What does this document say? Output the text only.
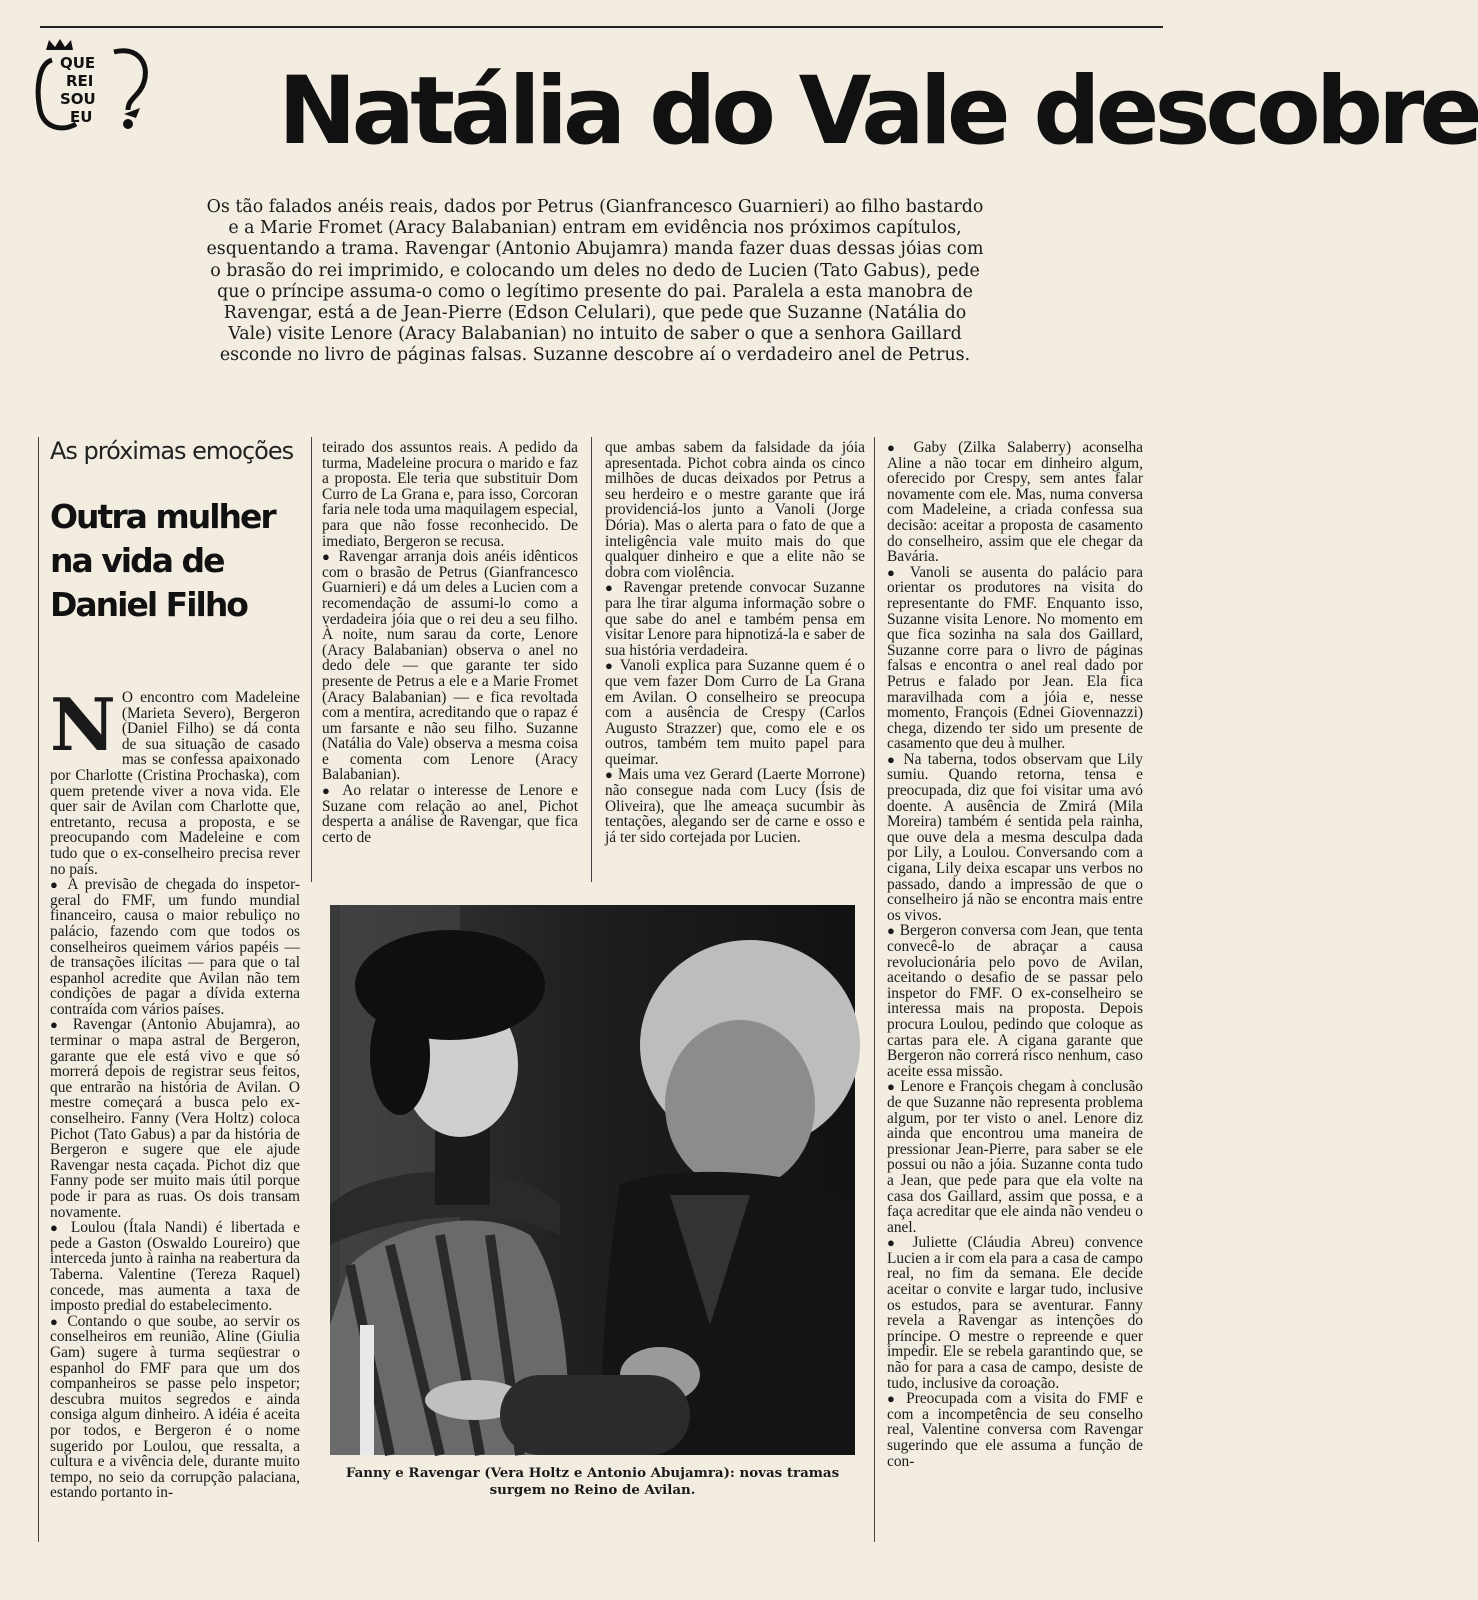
QUE
REI
SOU
EU Natália do Vale descobre

Os tão falados anéis reais, dados por Petrus (Gianfrancesco Guarnieri) ao filho bastardo e a Marie Fromet (Aracy Balabanian) entram em evidência nos próximos capítulos, esquentando a trama. Ravengar (Antonio Abujamra) manda fazer duas dessas jóias com o brasão do rei imprimido, e colocando um deles no dedo de Lucien (Tato Gabus), pede que o príncipe assuma-o como o legítimo presente do pai. Paralela a esta manobra de Ravengar, está a de Jean-Pierre (Edson Celulari), que pede que Suzanne (Natália do Vale) visite Lenore (Aracy Balabanian) no intuito de saber o que a senhora Gaillard esconde no livro de páginas falsas. Suzanne descobre aí o verdadeiro anel de Petrus.

As próximas emoções
Outra mulher
na vida de
Daniel Filho

N O encontro com Madeleine (Marieta Severo), Bergeron (Daniel Filho) se dá conta de sua situação de casado mas se confessa apaixonado por Charlotte (Cristina Prochaska), com quem pretende viver a nova vida. Ele quer sair de Avilan com Charlotte que, entretanto, recusa a proposta, e se preocupando com Madeleine e com tudo que o ex-conselheiro precisa rever no país.

● A previsão de chegada do inspetor-geral do FMF, um fundo mundial financeiro, causa o maior rebuliço no palácio, fazendo com que todos os conselheiros queimem vários papéis — de transações ilícitas — para que o tal espanhol acredite que Avilan não tem condições de pagar a dívida externa contraída com vários países.

● Ravengar (Antonio Abujamra), ao terminar o mapa astral de Bergeron, garante que ele está vivo e que só morrerá depois de registrar seus feitos, que entrarão na história de Avilan. O mestre começará a busca pelo ex-conselheiro. Fanny (Vera Holtz) coloca Pichot (Tato Gabus) a par da história de Bergeron e sugere que ele ajude Ravengar nesta caçada. Pichot diz que Fanny pode ser muito mais útil porque pode ir para as ruas. Os dois transam novamente.

● Loulou (Ítala Nandi) é libertada e pede a Gaston (Oswaldo Loureiro) que interceda junto à rainha na reabertura da Taberna. Valentine (Tereza Raquel) concede, mas aumenta a taxa de imposto predial do estabelecimento.

● Contando o que soube, ao servir os conselheiros em reunião, Aline (Giulia Gam) sugere à turma seqüestrar o espanhol do FMF para que um dos companheiros se passe pelo inspetor; descubra muitos segredos e ainda consiga algum dinheiro. A idéia é aceita por todos, e Bergeron é o nome sugerido por Loulou, que ressalta, a cultura e a vivência dele, durante muito tempo, no seio da corrupção palaciana, estando portanto in-

teirado dos assuntos reais. A pedido da turma, Madeleine procura o marido e faz a proposta. Ele teria que substituir Dom Curro de La Grana e, para isso, Corcoran faria nele toda uma maquilagem especial, para que não fosse reconhecido. De imediato, Bergeron se recusa.

● Ravengar arranja dois anéis idênticos com o brasão de Petrus (Gianfrancesco Guarnieri) e dá um deles a Lucien com a recomendação de assumi-lo como a verdadeira jóia que o rei deu a seu filho. À noite, num sarau da corte, Lenore (Aracy Balabanian) observa o anel no dedo dele — que garante ter sido presente de Petrus a ele e a Marie Fromet (Aracy Balabanian) — e fica revoltada com a mentira, acreditando que o rapaz é um farsante e não seu filho. Suzanne (Natália do Vale) observa a mesma coisa e comenta com Lenore (Aracy Balabanian).

● Ao relatar o interesse de Lenore e Suzane com relação ao anel, Pichot desperta a análise de Ravengar, que fica certo de

que ambas sabem da falsidade da jóia apresentada. Pichot cobra ainda os cinco milhões de ducas deixados por Petrus a seu herdeiro e o mestre garante que irá providenciá-los junto a Vanoli (Jorge Dória). Mas o alerta para o fato de que a inteligência vale muito mais do que qualquer dinheiro e que a elite não se dobra com violência.

● Ravengar pretende convocar Suzanne para lhe tirar alguma informação sobre o que sabe do anel e também pensa em visitar Lenore para hipnotizá-la e saber de sua história verdadeira.

● Vanoli explica para Suzanne quem é o que vem fazer Dom Curro de La Grana em Avilan. O conselheiro se preocupa com a ausência de Crespy (Carlos Augusto Strazzer) que, como ele e os outros, também tem muito papel para queimar.

● Mais uma vez Gerard (Laerte Morrone) não consegue nada com Lucy (Ísis de Oliveira), que lhe ameaça sucumbir às tentações, alegando ser de carne e osso e já ter sido cortejada por Lucien.

● Gaby (Zilka Salaberry) aconselha Aline a não tocar em dinheiro algum, oferecido por Crespy, sem antes falar novamente com ele. Mas, numa conversa com Madeleine, a criada confessa sua decisão: aceitar a proposta de casamento do conselheiro, assim que ele chegar da Bavária.

● Vanoli se ausenta do palácio para orientar os produtores na visita do representante do FMF. Enquanto isso, Suzanne visita Lenore. No momento em que fica sozinha na sala dos Gaillard, Suzanne corre para o livro de páginas falsas e encontra o anel real dado por Petrus e falado por Jean. Ela fica maravilhada com a jóia e, nesse momento, François (Ednei Giovennazzi) chega, dizendo ter sido um presente de casamento que deu à mulher.

● Na taberna, todos observam que Lily sumiu. Quando retorna, tensa e preocupada, diz que foi visitar uma avó doente. A ausência de Zmirá (Mila Moreira) também é sentida pela rainha, que ouve dela a mesma desculpa dada por Lily, a Loulou. Conversando com a cigana, Lily deixa escapar uns verbos no passado, dando a impressão de que o conselheiro já não se encontra mais entre os vivos.

● Bergeron conversa com Jean, que tenta convecê-lo de abraçar a causa revolucionária pelo povo de Avilan, aceitando o desafio de se passar pelo inspetor do FMF. O ex-conselheiro se interessa mais na proposta. Depois procura Loulou, pedindo que coloque as cartas para ele. A cigana garante que Bergeron não correrá risco nenhum, caso aceite essa missão.

● Lenore e François chegam à conclusão de que Suzanne não representa problema algum, por ter visto o anel. Lenore diz ainda que encontrou uma maneira de pressionar Jean-Pierre, para saber se ele possui ou não a jóia. Suzanne conta tudo a Jean, que pede para que ela volte na casa dos Gaillard, assim que possa, e a faça acreditar que ele ainda não vendeu o anel.

● Juliette (Cláudia Abreu) convence Lucien a ir com ela para a casa de campo real, no fim da semana. Ele decide aceitar o convite e largar tudo, inclusive os estudos, para se aventurar. Fanny revela a Ravengar as intenções do príncipe. O mestre o repreende e quer impedir. Ele se rebela garantindo que, se não for para a casa de campo, desiste de tudo, inclusive da coroação.

● Preocupada com a visita do FMF e com a incompetência de seu conselho real, Valentine conversa com Ravengar sugerindo que ele assuma a função de con-

Fanny e Ravengar (Vera Holtz e Antonio Abujamra): novas tramas surgem no Reino de Avilan.
